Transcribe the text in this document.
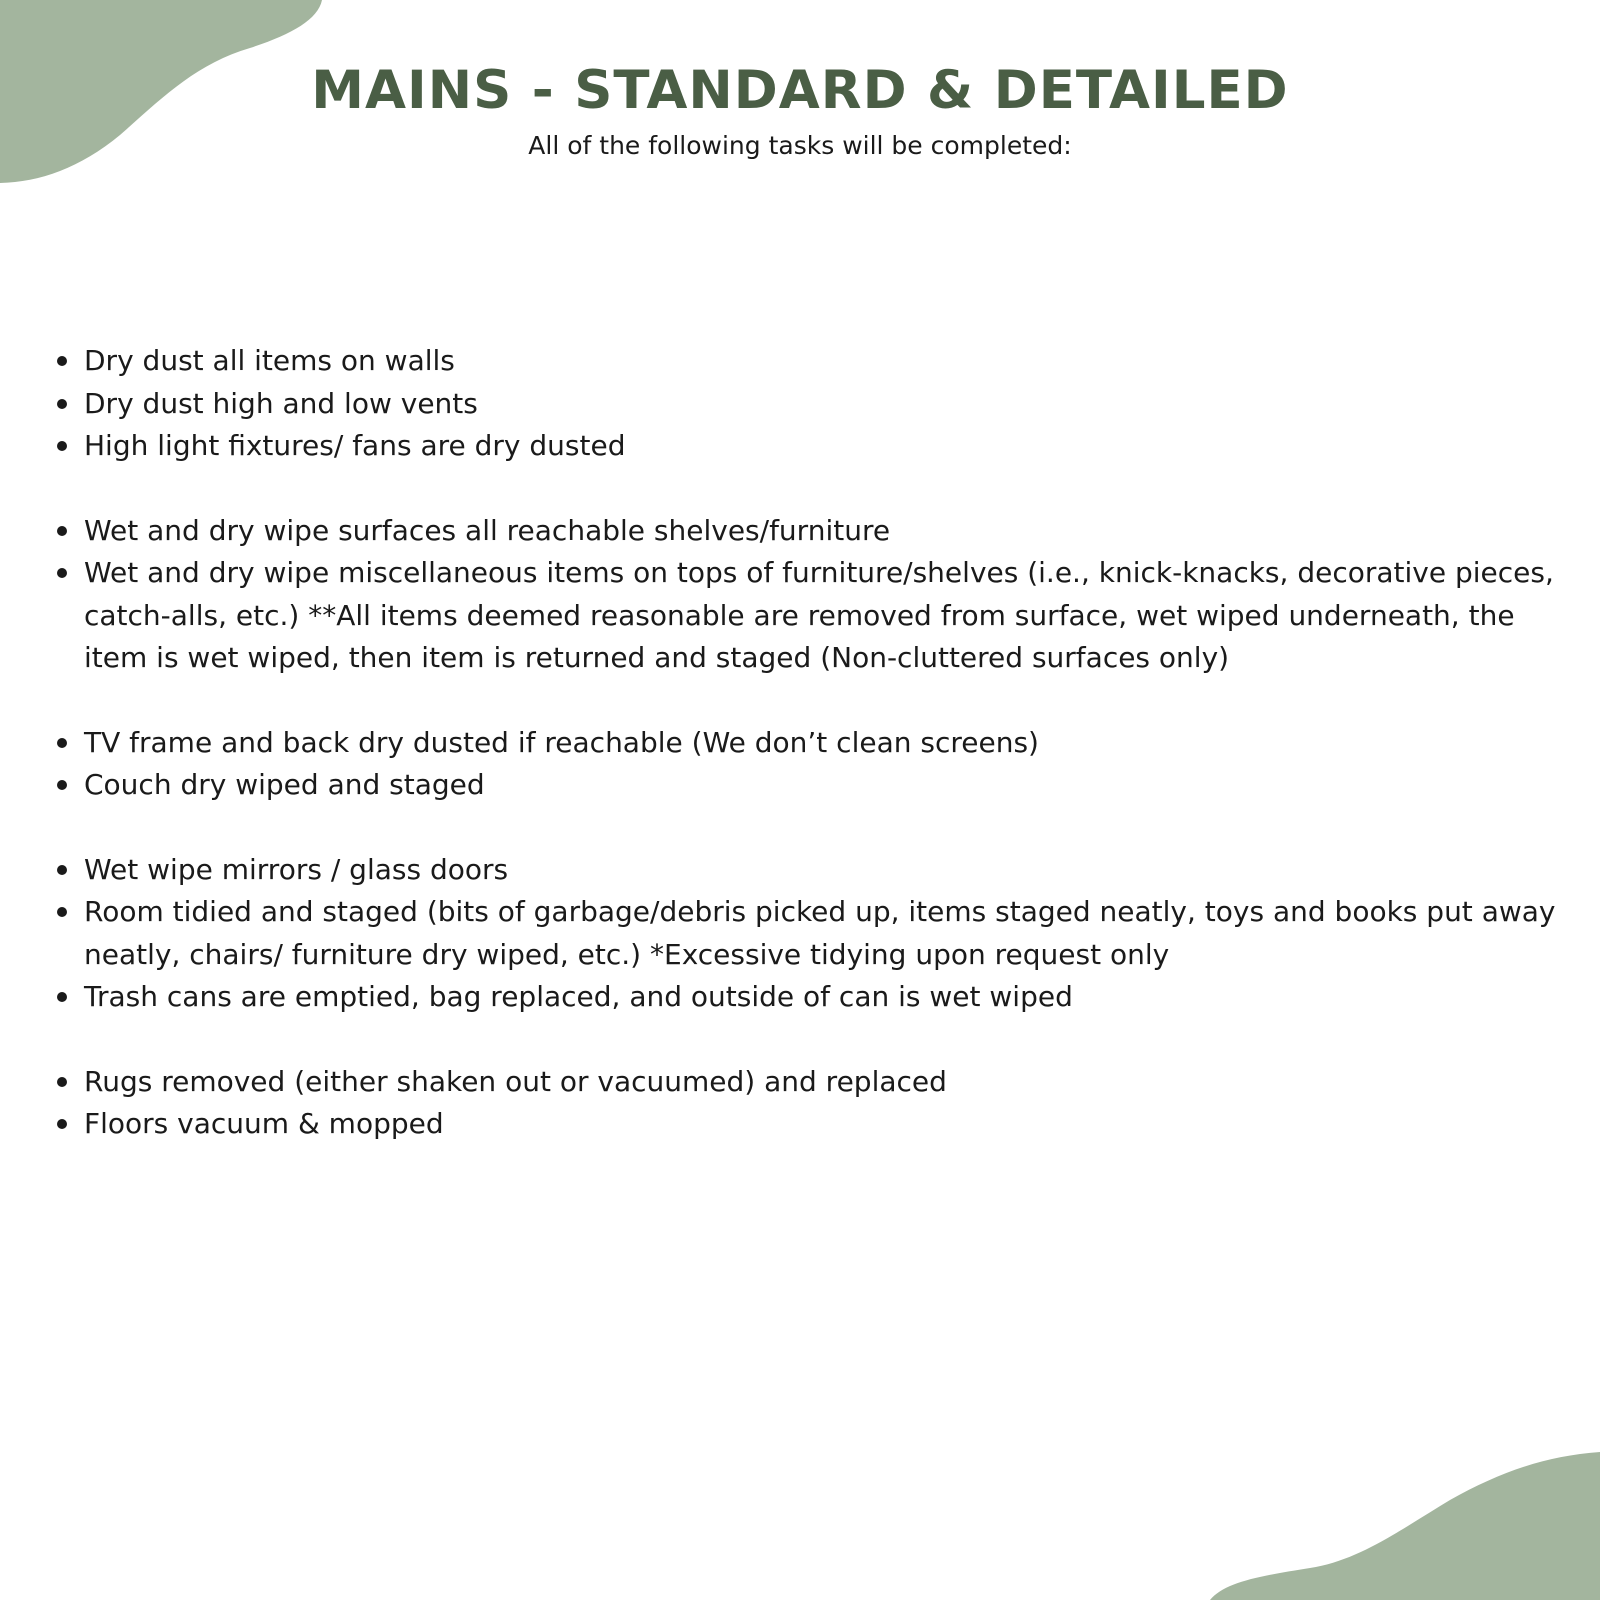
MAINS - STANDARD & DETAILED

All of the following tasks will be completed:

Dry dust all items on walls
Dry dust high and low vents
High light fixtures/ fans are dry dusted
Wet and dry wipe surfaces all reachable shelves/furniture
Wet and dry wipe miscellaneous items on tops of furniture/shelves (i.e., knick-knacks, decorative pieces, catch-alls, etc.) **All items deemed reasonable are removed from surface, wet wiped underneath, the item is wet wiped, then item is returned and staged (Non-cluttered surfaces only)
TV frame and back dry dusted if reachable (We don’t clean screens)
Couch dry wiped and staged
Wet wipe mirrors / glass doors
Room tidied and staged (bits of garbage/debris picked up, items staged neatly, toys and books put away neatly, chairs/ furniture dry wiped, etc.) *Excessive tidying upon request only
Trash cans are emptied, bag replaced, and outside of can is wet wiped
Rugs removed (either shaken out or vacuumed) and replaced
Floors vacuum & mopped
